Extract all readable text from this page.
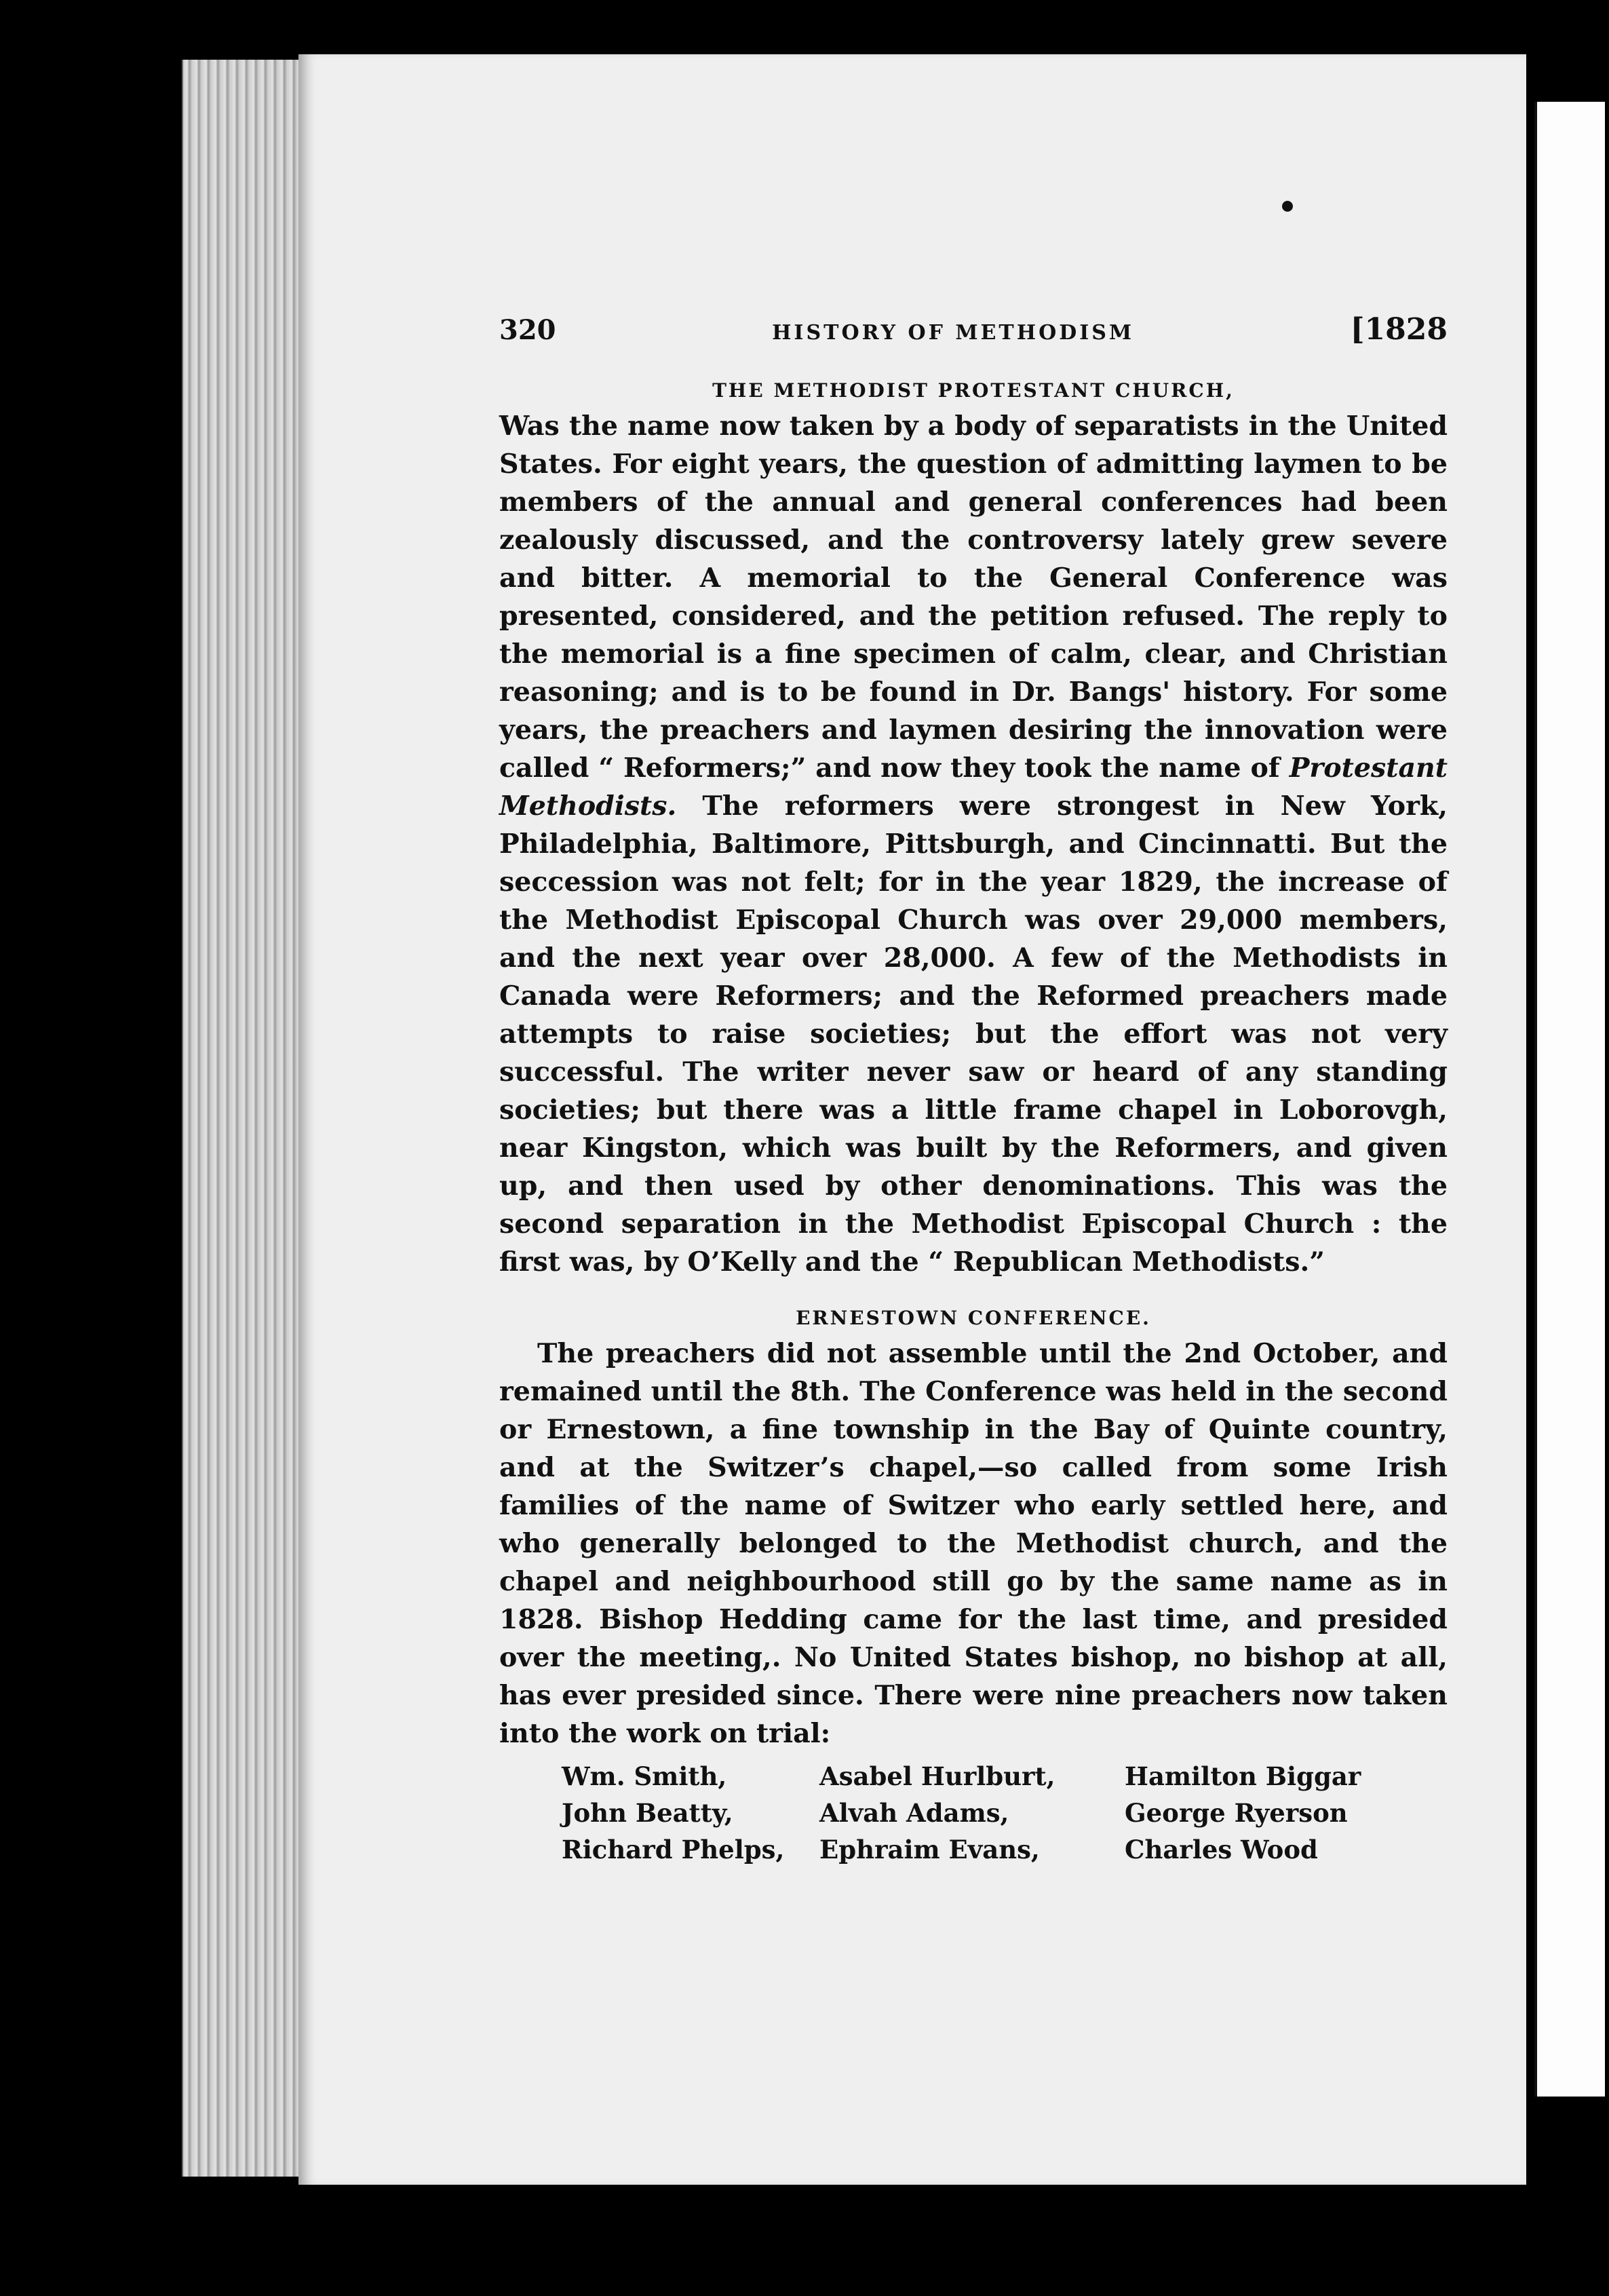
320	HISTORY OF METHODISM	[1828
THE METHODIST PROTESTANT CHURCH,

Was the name now taken by a body of separatists in the United States. For eight years, the question of admitting laymen to be members of the annual and general conferences had been zealously discussed, and the controversy lately grew severe and bitter. A memorial to the General Conference was presented, considered, and the petition refused. The reply to the memorial is a fine specimen of calm, clear, and Christian reasoning; and is to be found in Dr. Bangs' history. For some years, the preachers and laymen desiring the innovation were called “ Reformers;” and now they took the name of Protestant Methodists. The reformers were strongest in New York, Philadelphia, Baltimore, Pittsburgh, and Cincinnatti. But the seccession was not felt; for in the year 1829, the increase of the Methodist Episcopal Church was over 29,000 members, and the next year over 28,000. A few of the Methodists in Canada were Reformers; and the Reformed preachers made attempts to raise societies; but the effort was not very successful. The writer never saw or heard of any standing societies; but there was a little frame chapel in Loborovgh, near Kingston, which was built by the Reformers, and given up, and then used by other denominations. This was the second separation in the Methodist Episcopal Church : the first was, by O’Kelly and the “ Republican Methodists.”

ERNESTOWN CONFERENCE.

The preachers did not assemble until the 2nd October, and remained until the 8th. The Conference was held in the second or Ernestown, a fine township in the Bay of Quinte country, and at the Switzer’s chapel,—so called from some Irish families of the name of Switzer who early settled here, and who generally belonged to the Methodist church, and the chapel and neighbourhood still go by the same name as in 1828. Bishop Hedding came for the last time, and presided over the meeting,. No United States bishop, no bishop at all, has ever presided since. There were nine preachers now taken into the work on trial:

Wm. Smith,	Asabel Hurlburt,	Hamilton Biggar
John Beatty,	Alvah Adams,	George Ryerson
Richard Phelps,	Ephraim Evans,	Charles Wood
